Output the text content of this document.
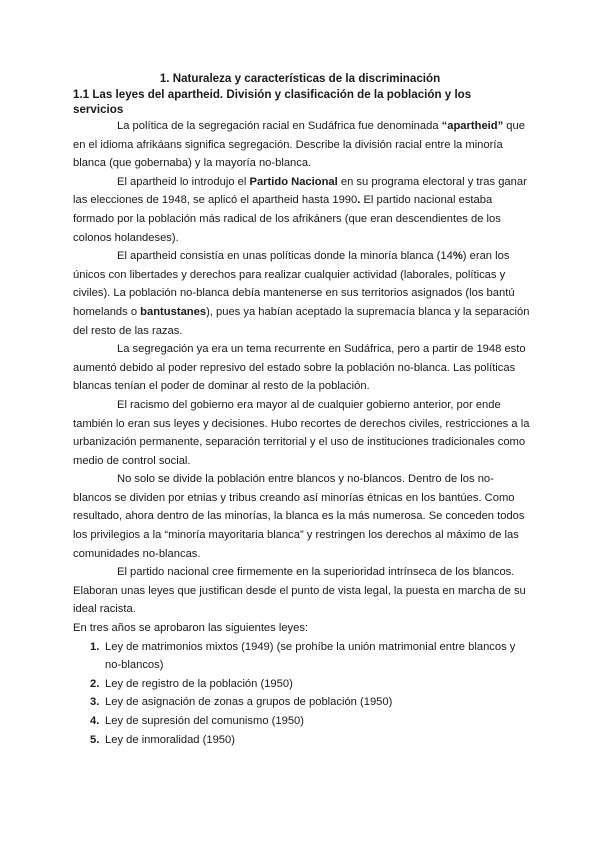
1. Naturaleza y características de la discriminación
1.1 Las leyes del apartheid. División y clasificación de la población y los servicios

La política de la segregación racial en Sudáfrica fue denominada “apartheid” que en el idioma afrikáans significa segregación. Describe la división racial entre la minoría blanca (que gobernaba) y la mayoría no-blanca.

El apartheid lo introdujo el Partido Nacional en su programa electoral y tras ganar las elecciones de 1948, se aplicó el apartheid hasta 1990. El partido nacional estaba formado por la población más radical de los afrikáners (que eran descendientes de los colonos holandeses).

El apartheid consistía en unas políticas donde la minoría blanca (14%) eran los únicos con libertades y derechos para realizar cualquier actividad (laborales, políticas y civiles). La población no-blanca debía mantenerse en sus territorios asignados (los bantú homelands o bantustanes), pues ya habían aceptado la supremacía blanca y la separación del resto de las razas.

La segregación ya era un tema recurrente en Sudáfrica, pero a partir de 1948 esto aumentó debido al poder represivo del estado sobre la población no-blanca. Las políticas blancas tenían el poder de dominar al resto de la población.

El racismo del gobierno era mayor al de cualquier gobierno anterior, por ende también lo eran sus leyes y decisiones. Hubo recortes de derechos civiles, restricciones a la urbanización permanente, separación territorial y el uso de instituciones tradicionales como medio de control social.

No solo se divide la población entre blancos y no-blancos. Dentro de los no-blancos se dividen por etnias y tribus creando así minorías étnicas en los bantúes. Como resultado, ahora dentro de las minorías, la blanca es la más numerosa. Se conceden todos los privilegios a la “minoría mayoritaria blanca” y restringen los derechos al máximo de las comunidades no-blancas.

El partido nacional cree firmemente en la superioridad intrínseca de los blancos.

Elaboran unas leyes que justifican desde el punto de vista legal, la puesta en marcha de su ideal racista.

En tres años se aprobaron las siguientes leyes:

1. Ley de matrimonios mixtos (1949) (se prohíbe la unión matrimonial entre blancos y no-blancos)
2. Ley de registro de la población (1950)
3. Ley de asignación de zonas a grupos de población (1950)
4. Ley de supresión del comunismo (1950)
5. Ley de inmoralidad (1950)
